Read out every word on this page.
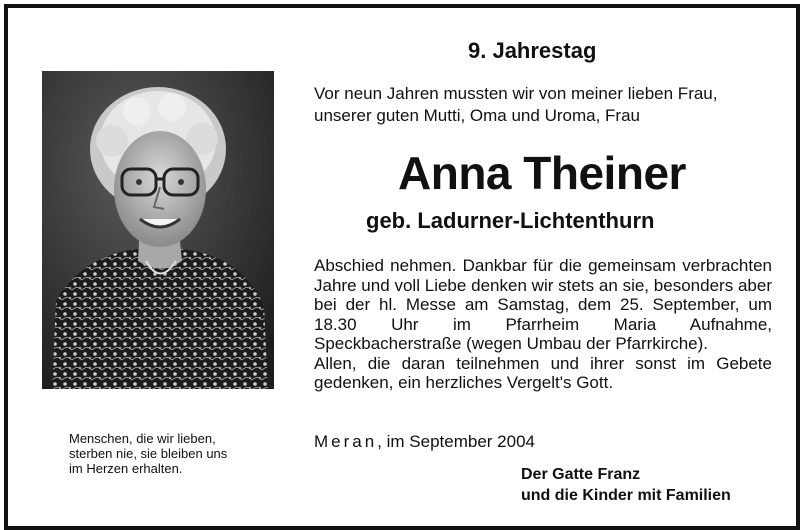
9. Jahrestag
Vor neun Jahren mussten wir von meiner lieben Frau,
unserer guten Mutti, Oma und Uroma, Frau
Anna Theiner
geb. Ladurner-Lichtenthurn

Abschied nehmen. Dankbar für die gemeinsam verbrachten Jahre und voll Liebe denken wir stets an sie, besonders aber bei der hl. Messe am Samstag, dem 25. September, um 18.30 Uhr im Pfarrheim Maria Aufnahme, Speckbacherstraße (wegen Umbau der Pfarrkirche).

Allen, die daran teilnehmen und ihrer sonst im Gebete gedenken, ein herzliches Vergelt's Gott.

Meran, im September 2004
Der Gatte Franz
und die Kinder mit Familien
Menschen, die wir lieben,
sterben nie, sie bleiben uns
im Herzen erhalten.
